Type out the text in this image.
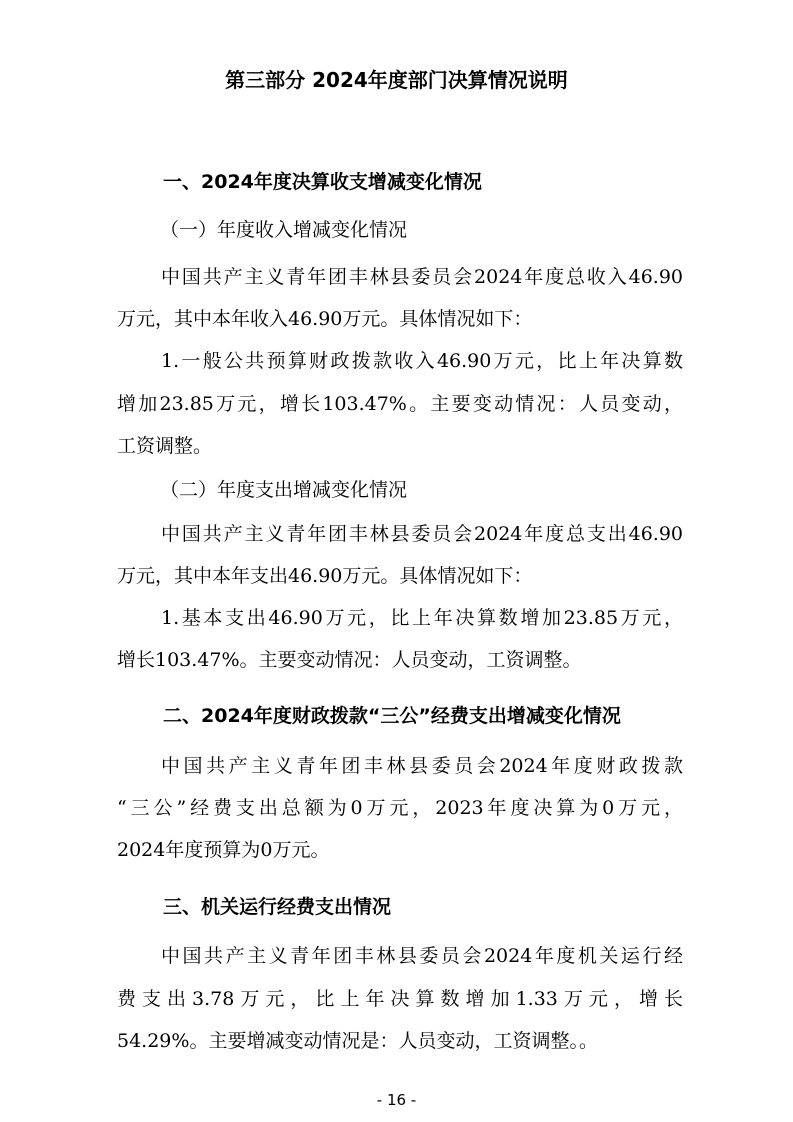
第三部分 2024年度部门决算情况说明

一、2024年度决算收支增减变化情况

（一）年度收入增减变化情况

中国共产主义青年团丰林县委员会2024年度总收入46.90

万元，其中本年收入46.90万元。具体情况如下：

1.一般公共预算财政拨款收入46.90万元，比上年决算数

增加23.85万元，增长103.47%。主要变动情况：人员变动，

工资调整。

（二）年度支出增减变化情况

中国共产主义青年团丰林县委员会2024年度总支出46.90

万元，其中本年支出46.90万元。具体情况如下：

1.基本支出46.90万元，比上年决算数增加23.85万元，

增长103.47%。主要变动情况：人员变动，工资调整。

二、2024年度财政拨款“三公”经费支出增减变化情况

中国共产主义青年团丰林县委员会2024年度财政拨款

“三公”经费支出总额为0万元，2023年度决算为0万元，

2024年度预算为0万元。

三、机关运行经费支出情况

中国共产主义青年团丰林县委员会2024年度机关运行经

费支出3.78万元，比上年决算数增加1.33万元，增长

54.29%。主要增减变动情况是：人员变动，工资调整。。

- 16 -
